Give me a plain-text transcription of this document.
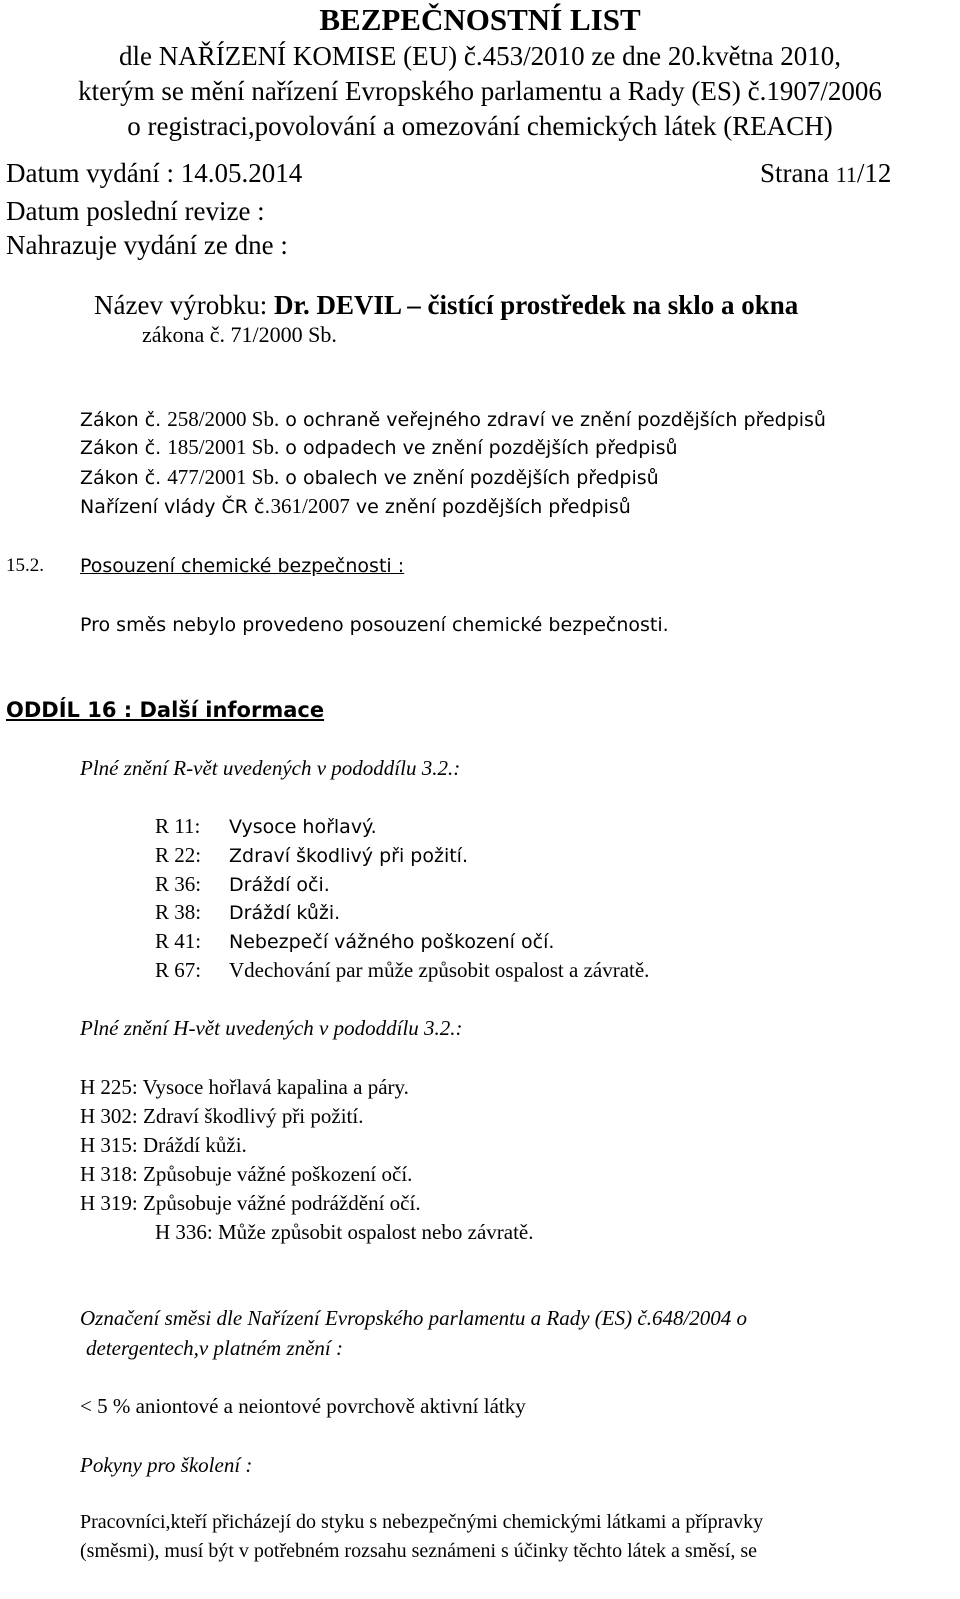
BEZPEČNOSTNÍ LIST
dle NAŘÍZENÍ KOMISE (EU) č.453/2010 ze dne 20.května 2010,
kterým se mění nařízení Evropského parlamentu a Rady (ES) č.1907/2006
o registraci,povolování a omezování chemických látek (REACH)
Datum vydání : 14.05.2014	Strana 11/12
Datum poslední revize :
Nahrazuje vydání ze dne :
Název výrobku: Dr. DEVIL – čistící prostředek na sklo a okna
zákona č. 71/2000 Sb.
Zákon č. 258/2000 Sb. o ochraně veřejného zdraví ve znění pozdějších předpisů
Zákon č. 185/2001 Sb. o odpadech ve znění pozdějších předpisů
Zákon č. 477/2001 Sb. o obalech ve znění pozdějších předpisů
Nařízení vlády ČR č.361/2007 ve znění pozdějších předpisů
15.2. Posouzení chemické bezpečnosti :
Pro směs nebylo provedeno posouzení chemické bezpečnosti.
ODDÍL 16 : Další informace
Plné znění R-vět uvedených v pododdílu 3.2.:
R 11: Vysoce hořlavý.
R 22: Zdraví škodlivý při požití.
R 36: Dráždí oči.
R 38: Dráždí kůži.
R 41: Nebezpečí vážného poškození očí.
R 67: Vdechování par může způsobit ospalost a závratě.
Plné znění H-vět uvedených v pododdílu 3.2.:
H 225: Vysoce hořlavá kapalina a páry.
H 302: Zdraví škodlivý při požití.
H 315: Dráždí kůži.
H 318: Způsobuje vážné poškození očí.
H 319: Způsobuje vážné podráždění očí.
H 336: Může způsobit ospalost nebo závratě.
Označení směsi dle Nařízení Evropského parlamentu a Rady (ES) č.648/2004 o
detergentech,v platném znění :
< 5 % aniontové a neiontové povrchově aktivní látky
Pokyny pro školení :
Pracovníci,kteří přicházejí do styku s nebezpečnými chemickými látkami a přípravky
(směsmi), musí být v potřebném rozsahu seznámeni s účinky těchto látek a směsí, se
